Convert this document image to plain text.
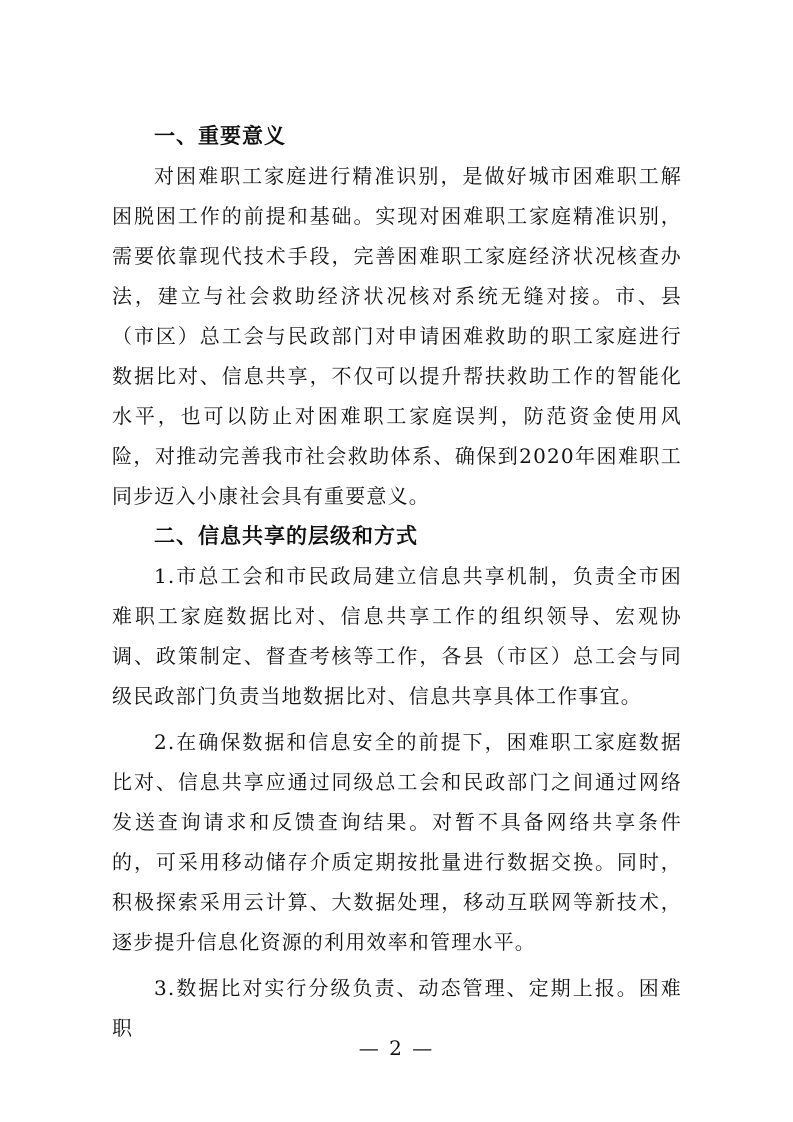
一、重要意义

对困难职工家庭进行精准识别，是做好城市困难职工解困脱困工作的前提和基础。实现对困难职工家庭精准识别，需要依靠现代技术手段，完善困难职工家庭经济状况核查办法，建立与社会救助经济状况核对系统无缝对接。市、县（市区）总工会与民政部门对申请困难救助的职工家庭进行数据比对、信息共享，不仅可以提升帮扶救助工作的智能化水平，也可以防止对困难职工家庭误判，防范资金使用风险，对推动完善我市社会救助体系、确保到2020年困难职工同步迈入小康社会具有重要意义。

二、信息共享的层级和方式

1.市总工会和市民政局建立信息共享机制，负责全市困难职工家庭数据比对、信息共享工作的组织领导、宏观协调、政策制定、督查考核等工作，各县（市区）总工会与同级民政部门负责当地数据比对、信息共享具体工作事宜。

2.在确保数据和信息安全的前提下，困难职工家庭数据比对、信息共享应通过同级总工会和民政部门之间通过网络发送查询请求和反馈查询结果。对暂不具备网络共享条件的，可采用移动储存介质定期按批量进行数据交换。同时，积极探索采用云计算、大数据处理，移动互联网等新技术，逐步提升信息化资源的利用效率和管理水平。

3.数据比对实行分级负责、动态管理、定期上报。困难职

— 2 —
